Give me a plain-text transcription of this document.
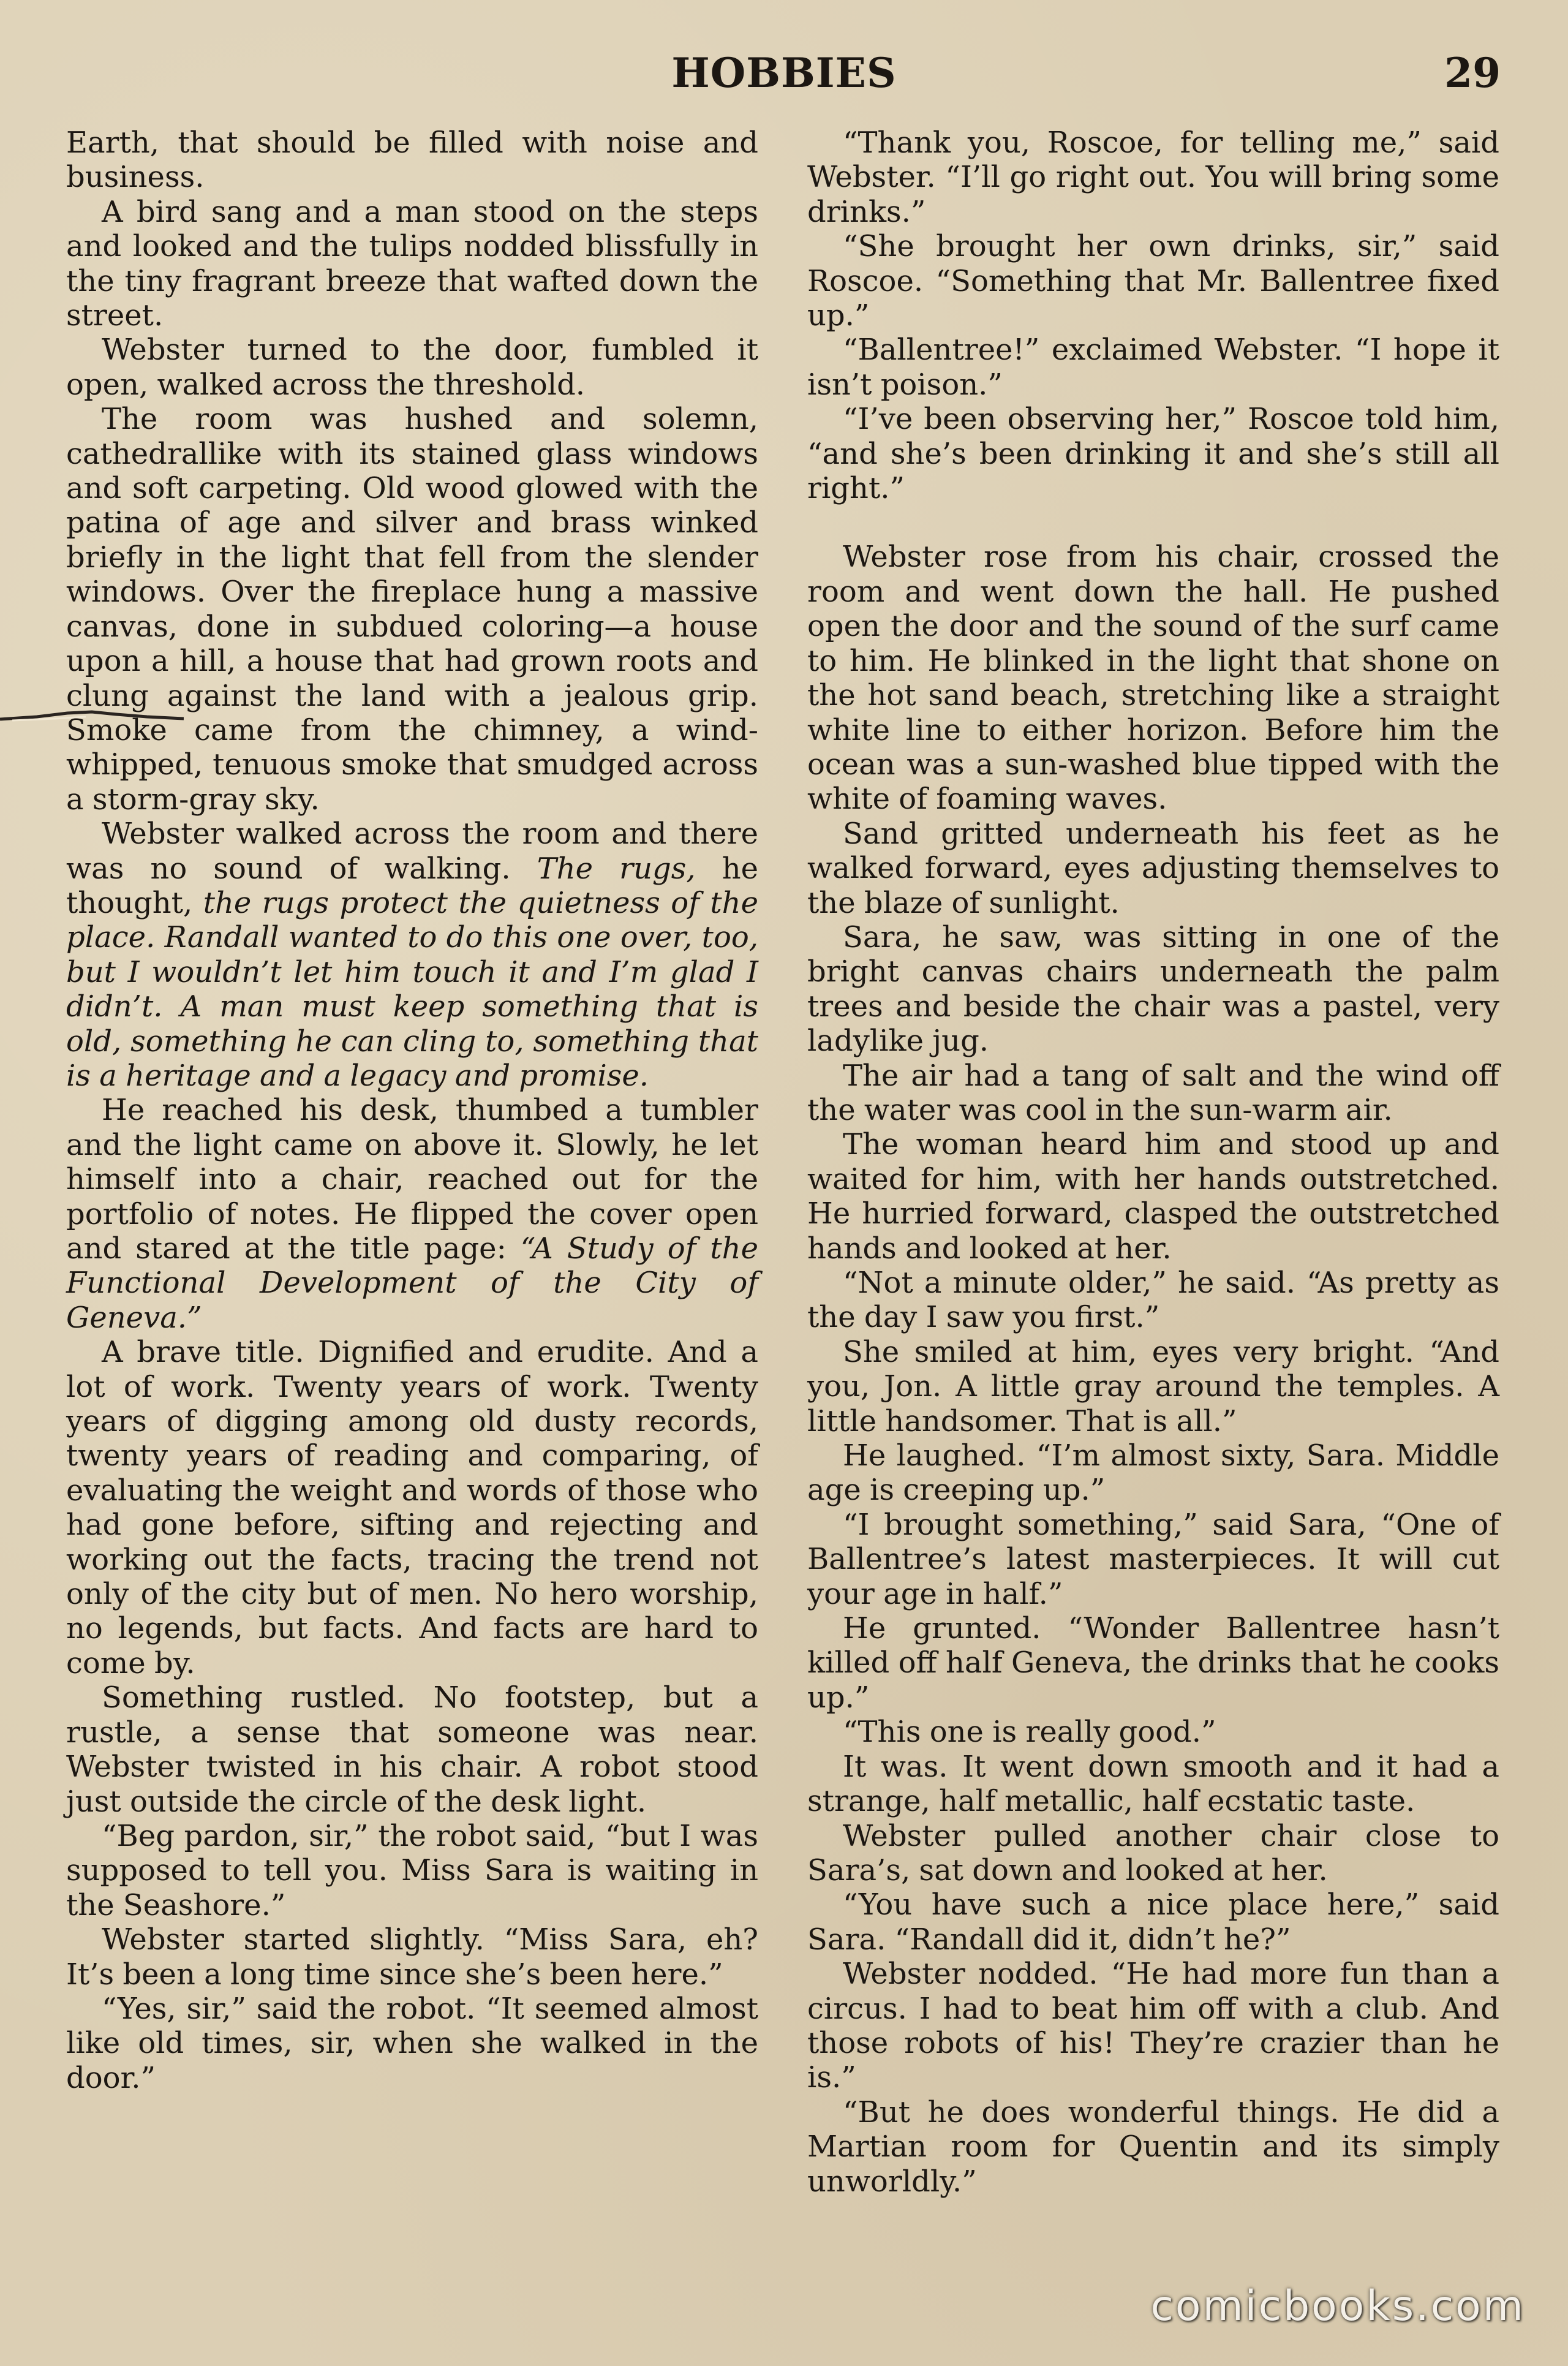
HOBBIES	29

Earth, that should be filled with noise and business.

A bird sang and a man stood on the steps and looked and the tulips nodded blissfully in the tiny fragrant breeze that wafted down the street.

Webster turned to the door, fumbled it open, walked across the threshold.

The room was hushed and solemn, cathedrallike with its stained glass windows and soft carpeting. Old wood glowed with the patina of age and silver and brass winked briefly in the light that fell from the slender windows. Over the fireplace hung a massive canvas, done in subdued coloring—a house upon a hill, a house that had grown roots and clung against the land with a jealous grip. Smoke came from the chimney, a wind-whipped, tenuous smoke that smudged across a storm-gray sky.

Webster walked across the room and there was no sound of walking. The rugs, he thought, the rugs protect the quietness of the place. Randall wanted to do this one over, too, but I wouldn’t let him touch it and I’m glad I didn’t. A man must keep something that is old, something he can cling to, something that is a heritage and a legacy and promise.

He reached his desk, thumbed a tumbler and the light came on above it. Slowly, he let himself into a chair, reached out for the portfolio of notes. He flipped the cover open and stared at the title page: “A Study of the Functional Development of the City of Geneva.”

A brave title. Dignified and erudite. And a lot of work. Twenty years of work. Twenty years of digging among old dusty records, twenty years of reading and comparing, of evaluating the weight and words of those who had gone before, sifting and rejecting and working out the facts, tracing the trend not only of the city but of men. No hero worship, no legends, but facts. And facts are hard to come by.

Something rustled. No footstep, but a rustle, a sense that someone was near. Webster twisted in his chair. A robot stood just outside the circle of the desk light.

“Beg pardon, sir,” the robot said, “but I was supposed to tell you. Miss Sara is waiting in the Seashore.”

Webster started slightly. “Miss Sara, eh? It’s been a long time since she’s been here.”

“Yes, sir,” said the robot. “It seemed almost like old times, sir, when she walked in the door.”

“Thank you, Roscoe, for telling me,” said Webster. “I’ll go right out. You will bring some drinks.”

“She brought her own drinks, sir,” said Roscoe. “Something that Mr. Ballentree fixed up.”

“Ballentree!” exclaimed Webster. “I hope it isn’t poison.”

“I’ve been observing her,” Roscoe told him, “and she’s been drinking it and she’s still all right.”

Webster rose from his chair, crossed the room and went down the hall. He pushed open the door and the sound of the surf came to him. He blinked in the light that shone on the hot sand beach, stretching like a straight white line to either horizon. Before him the ocean was a sun-washed blue tipped with the white of foaming waves.

Sand gritted underneath his feet as he walked forward, eyes adjusting themselves to the blaze of sunlight.

Sara, he saw, was sitting in one of the bright canvas chairs underneath the palm trees and beside the chair was a pastel, very ladylike jug.

The air had a tang of salt and the wind off the water was cool in the sun-warm air.

The woman heard him and stood up and waited for him, with her hands outstretched. He hurried forward, clasped the outstretched hands and looked at her.

“Not a minute older,” he said. “As pretty as the day I saw you first.”

She smiled at him, eyes very bright. “And you, Jon. A little gray around the temples. A little handsomer. That is all.”

He laughed. “I’m almost sixty, Sara. Middle age is creeping up.”

“I brought something,” said Sara, “One of Ballentree’s latest masterpieces. It will cut your age in half.”

He grunted. “Wonder Ballentree hasn’t killed off half Geneva, the drinks that he cooks up.”

“This one is really good.”

It was. It went down smooth and it had a strange, half metallic, half ecstatic taste.

Webster pulled another chair close to Sara’s, sat down and looked at her.

“You have such a nice place here,” said Sara. “Randall did it, didn’t he?”

Webster nodded. “He had more fun than a circus. I had to beat him off with a club. And those robots of his! They’re crazier than he is.”

“But he does wonderful things. He did a Martian room for Quentin and its simply unworldly.”

comicbooks.com
